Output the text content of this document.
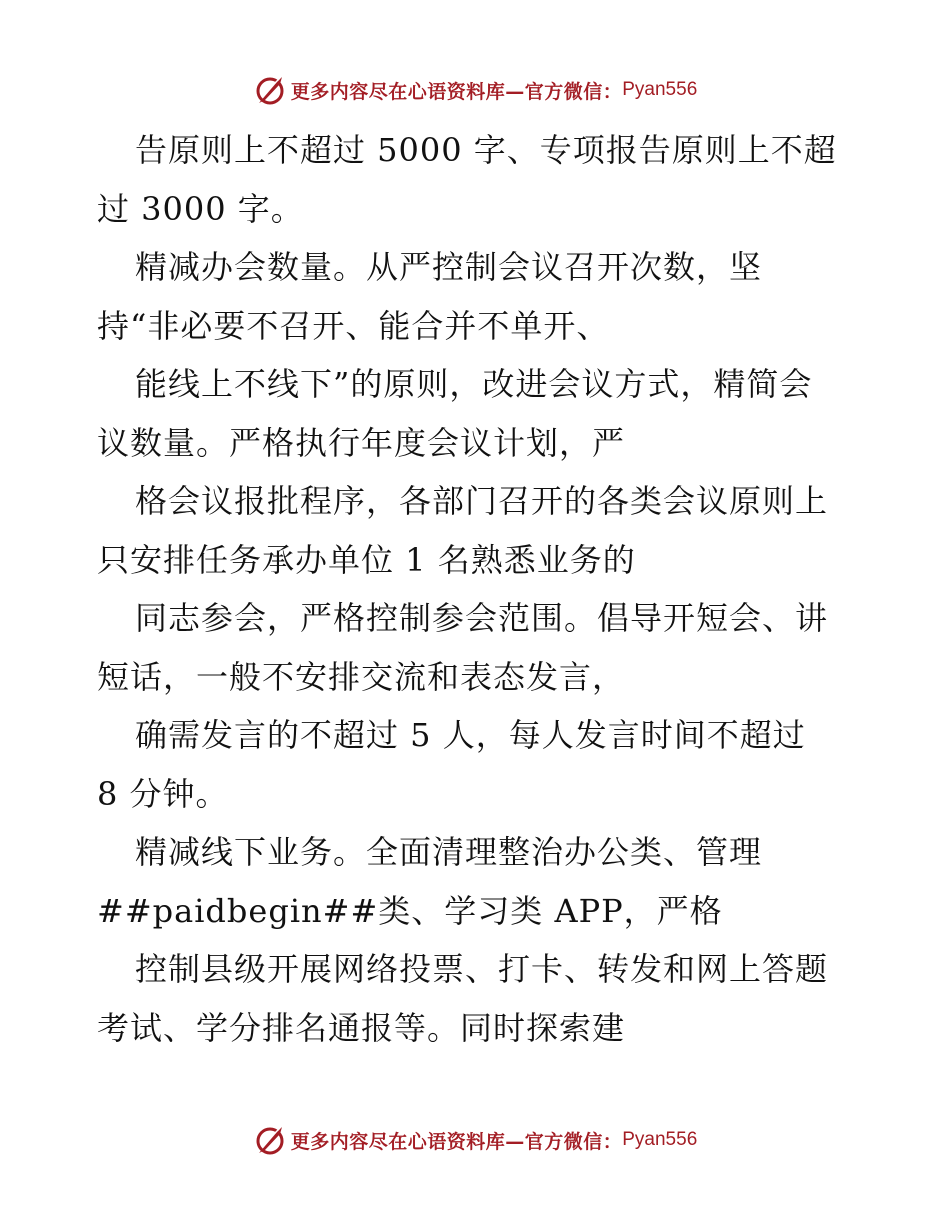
更多内容尽在心语资料库—官方微信： Pyan556
告原则上不超过 5000 字、专项报告原则上不超
过 3000 字。
精减办会数量。从严控制会议召开次数，坚
持“非必要不召开、能合并不单开、
能线上不线下”的原则，改进会议方式，精简会
议数量。严格执行年度会议计划，严
格会议报批程序，各部门召开的各类会议原则上
只安排任务承办单位 1 名熟悉业务的
同志参会，严格控制参会范围。倡导开短会、讲
短话，一般不安排交流和表态发言，
确需发言的不超过 5 人，每人发言时间不超过
8 分钟。
精减线下业务。全面清理整治办公类、管理
##paidbegin##类、学习类 APP，严格
控制县级开展网络投票、打卡、转发和网上答题
考试、学分排名通报等。同时探索建
更多内容尽在心语资料库—官方微信： Pyan556
